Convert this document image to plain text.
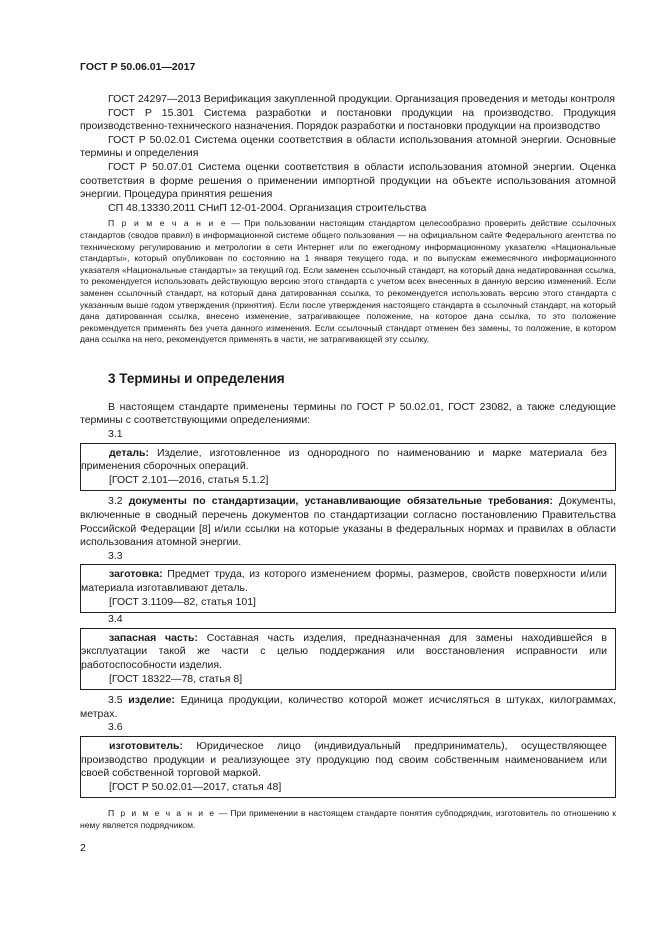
ГОСТ Р 50.06.01—2017

ГОСТ 24297—2013 Верификация закупленной продукции. Организация проведения и методы контроля

ГОСТ Р 15.301 Система разработки и постановки продукции на производство. Продукция производственно-технического назначения. Порядок разработки и постановки продукции на производство

ГОСТ Р 50.02.01 Система оценки соответствия в области использования атомной энергии. Основные термины и определения

ГОСТ Р 50.07.01 Система оценки соответствия в области использования атомной энергии. Оценка соответствия в форме решения о применении импортной продукции на объекте использования атомной энергии. Процедура принятия решения

СП 48.13330.2011 СНиП 12-01-2004. Организация строительства

П р и м е ч а н и е — При пользовании настоящим стандартом целесообразно проверить действие ссылочных стандартов (сводов правил) в информационной системе общего пользования — на официальном сайте Федерального агентства по техническому регулированию и метрологии в сети Интернет или по ежегодному информационному указателю «Национальные стандарты», который опубликован по состоянию на 1 января текущего года, и по выпускам ежемесячного информационного указателя «Национальные стандарты» за текущий год. Если заменен ссылочный стандарт, на который дана недатированная ссылка, то рекомендуется использовать действующую версию этого стандарта с учетом всех внесенных в данную версию изменений. Если заменен ссылочный стандарт, на который дана датированная ссылка, то рекомендуется использовать версию этого стандарта с указанным выше годом утверждения (принятия). Если после утверждения настоящего стандарта в ссылочный стандарт, на который дана датированная ссылка, внесено изменение, затрагивающее положение, на которое дана ссылка, то это положение рекомендуется применять без учета данного изменения. Если ссылочный стандарт отменен без замены, то положение, в котором дана ссылка на него, рекомендуется применять в части, не затрагивающей эту ссылку.

3 Термины и определения

В настоящем стандарте применены термины по ГОСТ Р 50.02.01, ГОСТ 23082, а также следующие термины с соответствующими определениями:

3.1

деталь: Изделие, изготовленное из однородного по наименованию и марке материала без применения сборочных операций.

[ГОСТ 2.101—2016, статья 5.1.2]

3.2 документы по стандартизации, устанавливающие обязательные требования: Документы, включенные в сводный перечень документов по стандартизации согласно постановлению Правительства Российской Федерации [8] и/или ссылки на которые указаны в федеральных нормах и правилах в области использования атомной энергии.

3.3

заготовка: Предмет труда, из которого изменением формы, размеров, свойств поверхности и/или материала изготавливают деталь.

[ГОСТ 3.1109—82, статья 101]

3.4

запасная часть: Составная часть изделия, предназначенная для замены находившейся в эксплуатации такой же части с целью поддержания или восстановления исправности или работоспособности изделия.

[ГОСТ 18322—78, статья 8]

3.5 изделие: Единица продукции, количество которой может исчисляться в штуках, килограммах, метрах.

3.6

изготовитель: Юридическое лицо (индивидуальный предприниматель), осуществляющее производство продукции и реализующее эту продукцию под своим собственным наименованием или своей собственной торговой маркой.

[ГОСТ Р 50.02.01—2017, статья 48]

П р и м е ч а н и е — При применении в настоящем стандарте понятия субподрядчик, изготовитель по отношению к нему является подрядчиком.

2
